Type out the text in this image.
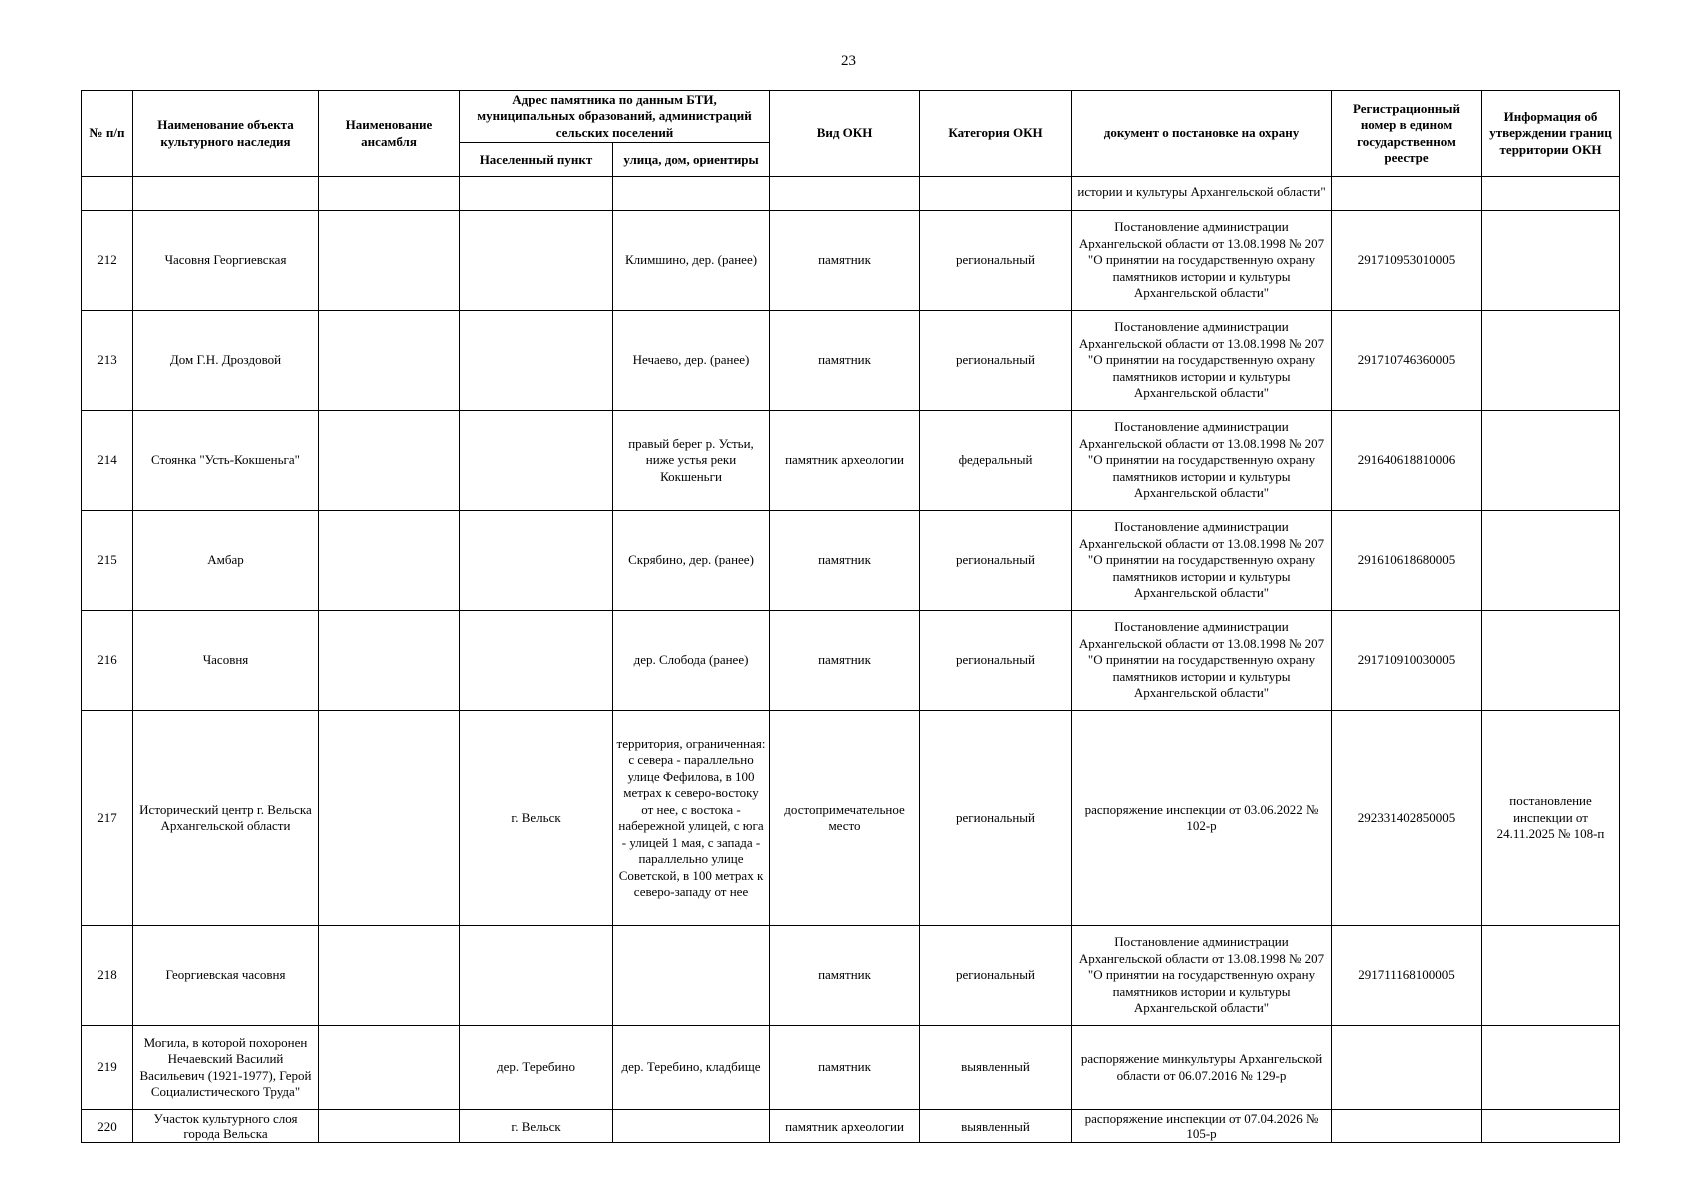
23
№ п/п	Наименование объекта культурного наследия	Наименование ансамбля	Адрес памятника по данным БТИ, муниципальных образований, администраций сельских поселений		Вид ОКН	Категория ОКН	документ о постановке на охрану	Регистрационный номер в едином государственном реестре	Информация об утверждении границ территории ОКН
			Населенный пункт	улица, дом, ориентиры					

							истории и культуры Архангельской области"		

212	Часовня Георгиевская			Климшино, дер. (ранее)	памятник	региональный	Постановление администрации Архангельской области от 13.08.1998 № 207 "О принятии на государственную охрану памятников истории и культуры Архангельской области"	291710953010005	
213	Дом Г.Н. Дроздовой			Нечаево, дер. (ранее)	памятник	региональный	Постановление администрации Архангельской области от 13.08.1998 № 207 "О принятии на государственную охрану памятников истории и культуры Архангельской области"	291710746360005	
214	Стоянка "Усть-Кокшеньга"			правый берег р. Устьи, ниже устья реки Кокшеньги	памятник археологии	федеральный	Постановление администрации Архангельской области от 13.08.1998 № 207 "О принятии на государственную охрану памятников истории и культуры Архангельской области"	291640618810006	
215	Амбар			Скрябино, дер. (ранее)	памятник	региональный	Постановление администрации Архангельской области от 13.08.1998 № 207 "О принятии на государственную охрану памятников истории и культуры Архангельской области"	291610618680005	
216	Часовня			дер. Слобода (ранее)	памятник	региональный	Постановление администрации Архангельской области от 13.08.1998 № 207 "О принятии на государственную охрану памятников истории и культуры Архангельской области"	291710910030005	
217	Исторический центр г. Вельска Архангельской области		г. Вельск	территория, ограниченная: с севера - параллельно улице Фефилова, в 100 метрах к северо-востоку от нее, с востока - набережной улицей, с юга - улицей 1 мая, с запада - параллельно улице Советской, в 100 метрах к северо-западу от нее	достопримечательное место	региональный	распоряжение инспекции от 03.06.2022 № 102-р	292331402850005	постановление инспекции от 24.11.2025 № 108-п
218	Георгиевская часовня				памятник	региональный	Постановление администрации Архангельской области от 13.08.1998 № 207 "О принятии на государственную охрану памятников истории и культуры Архангельской области"	291711168100005	
219	Могила, в которой похоронен Нечаевский Василий Васильевич (1921-1977), Герой Социалистического Труда"		дер. Теребино	дер. Теребино, кладбище	памятник	выявленный	распоряжение минкультуры Архангельской области от 06.07.2016 № 129-р		
220	Участок культурного слоя города Вельска		г. Вельск		памятник археологии	выявленный	распоряжение инспекции от 07.04.2026 № 105-р		
